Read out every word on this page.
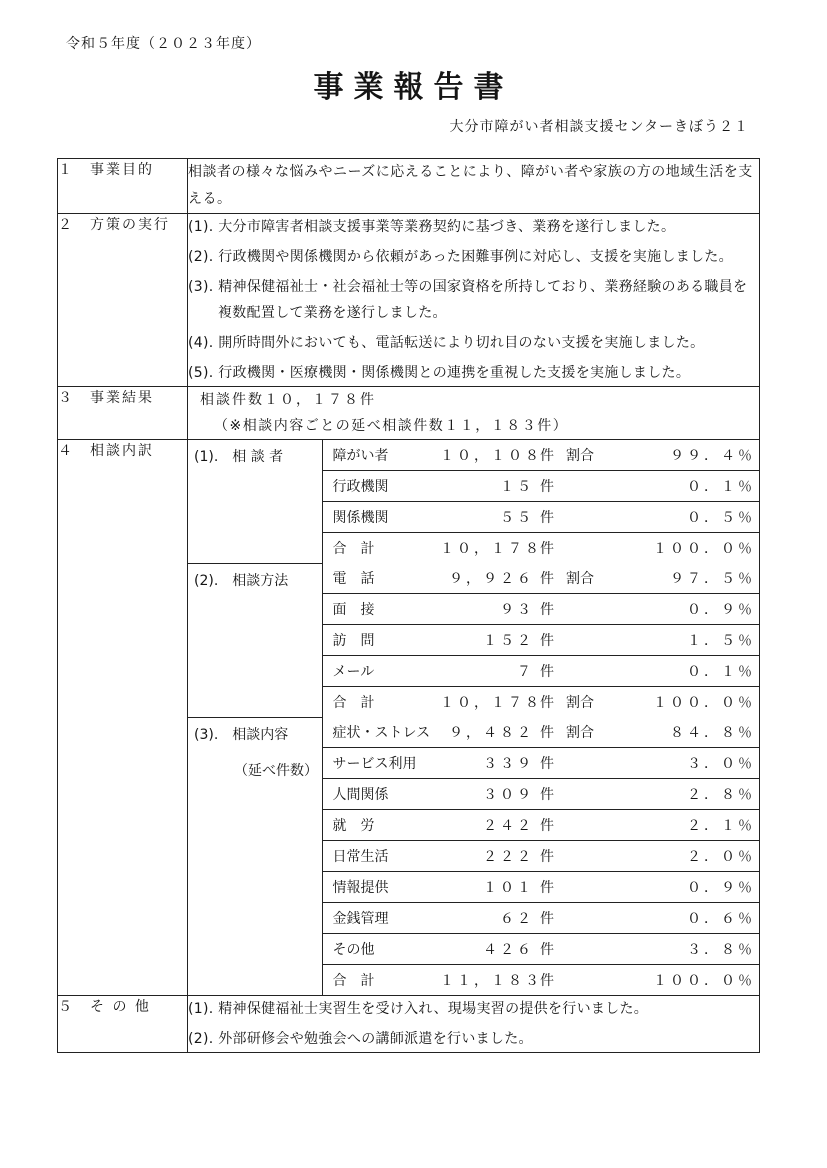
令和５年度（２０２３年度）
事業報告書
大分市障がい者相談支援センターきぼう２１
１　事業目的	相談者の様々な悩みやニーズに応えることにより、障がい者や家族の方の地域生活を支える。

２　方策の実行	(1). 大分市障害者相談支援事業等業務契約に基づき、業務を遂行しました。
(2). 行政機関や関係機関から依頼があった困難事例に対応し、支援を実施しました。
(3). 精神保健福祉士・社会福祉士等の国家資格を所持しており、業務経験のある職員を複数配置して業務を遂行しました。
(4). 開所時間外においても、電話転送により切れ目のない支援を実施しました。
(5). 行政機関・医療機関・関係機関との連携を重視した支援を実施しました。

３　事業結果	相談件数１０，１７８件
（※相談内容ごとの延べ相談件数１１，１８３件）

４　相談内訳		(1).　相 談 者	障がい者	１０，１０８	件	割合	９９．４％
行政機関	１５	件		０．１％
関係機関	５５	件		０．５％
合　計	１０，１７８	件		１００．０％
(2).　相談方法	電　話	９，９２６	件	割合	９７．５％
面　接	９３	件		０．９％
訪　問	１５２	件		１．５％
メール	７	件		０．１％
合　計	１０，１７８	件	割合	１００．０％
(3).　相談内容
（延べ件数）
	症状・ストレス	９，４８２	件	割合	８４．８％
サービス利用	３３９	件		３．０％
人間関係	３０９	件		２．８％
就　労	２４２	件		２．１％
日常生活	２２２	件		２．０％
情報提供	１０１	件		０．９％
金銭管理	６２	件		０．６％
その他	４２６	件		３．８％
合　計	１１，１８３	件		１００．０％

５　そ の 他	(1). 精神保健福祉士実習生を受け入れ、現場実習の提供を行いました。
(2). 外部研修会や勉強会への講師派遣を行いました。
